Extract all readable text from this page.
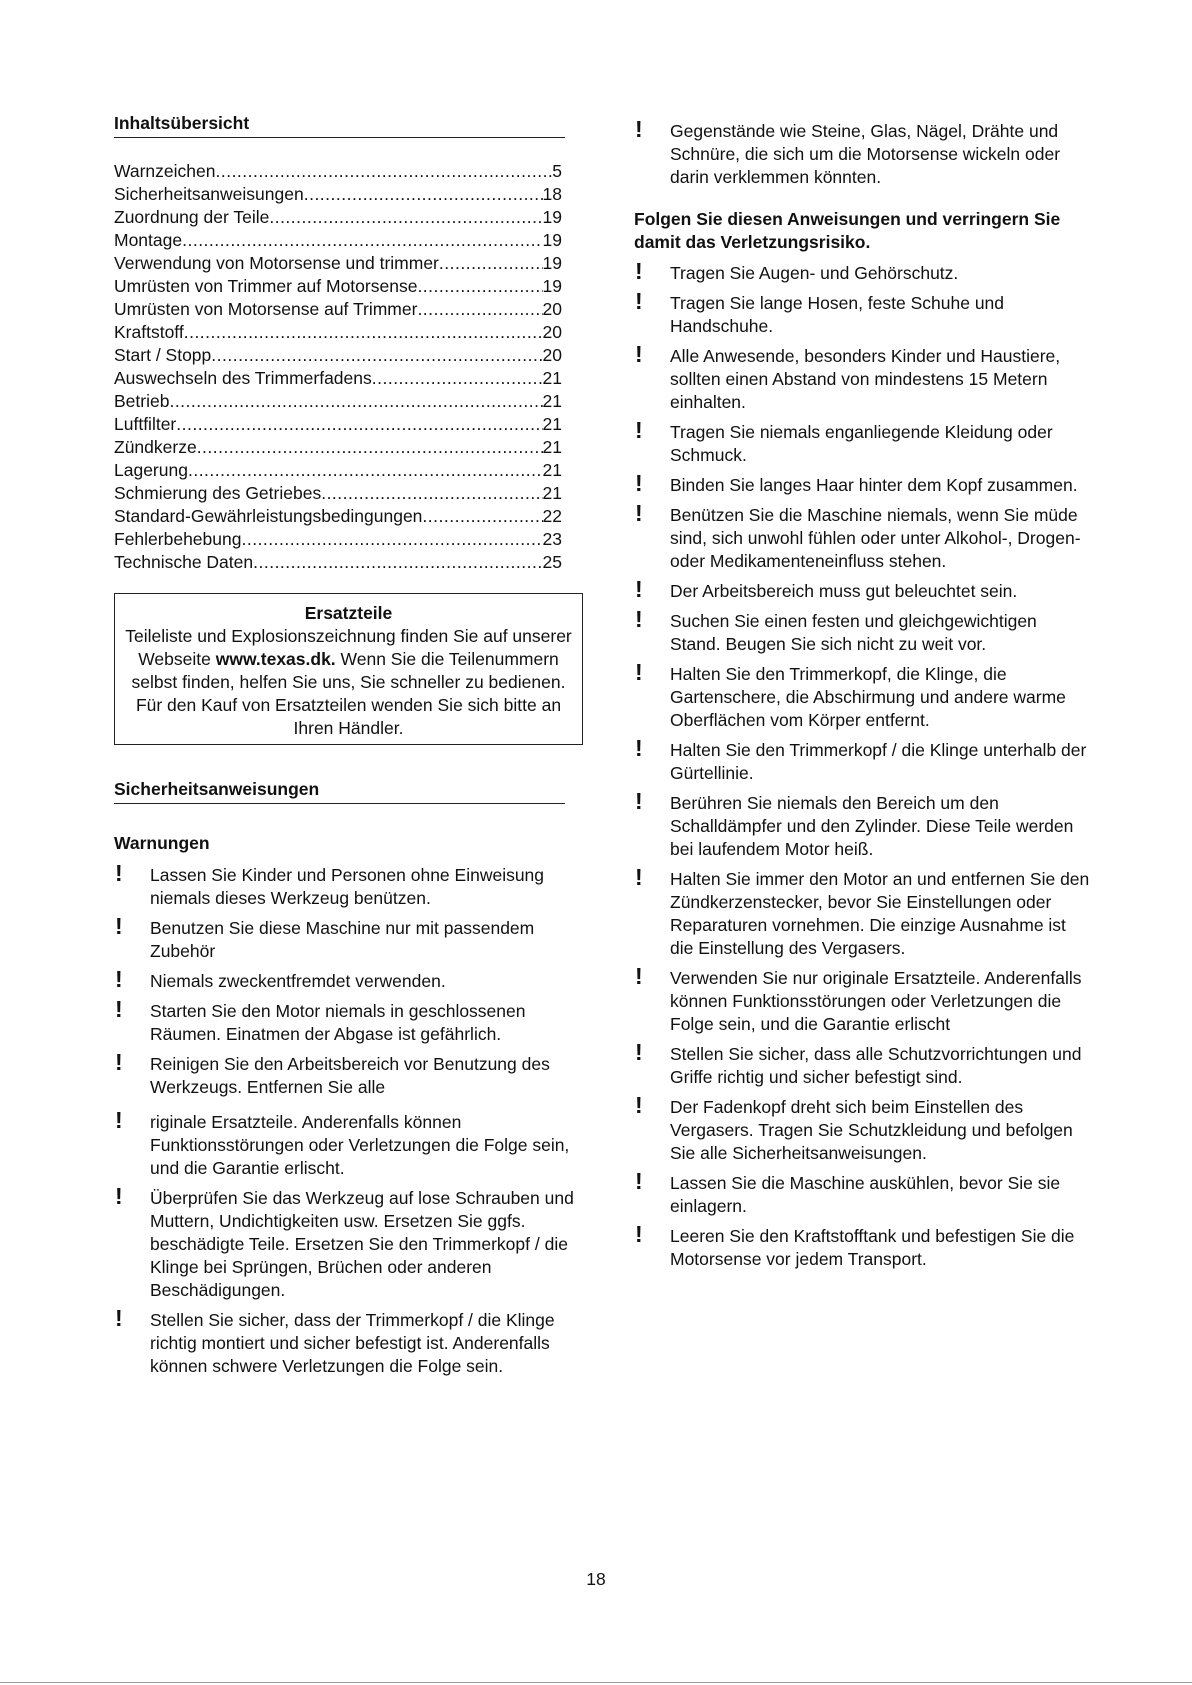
Inhaltsübersicht
Warnzeichen .....	5
Sicherheitsanweisungen .....	18
Zuordnung der Teile .....	19
Montage .....	19
Verwendung von Motorsense und trimmer .....	19
Umrüsten von Trimmer auf Motorsense .....	19
Umrüsten von Motorsense auf Trimmer .....	20
Kraftstoff .....	20
Start / Stopp .....	20
Auswechseln des Trimmerfadens .....	21
Betrieb .....	21
Luftfilter .....	21
Zündkerze .....	21
Lagerung .....	21
Schmierung des Getriebes .....	21
Standard-Gewährleistungsbedingungen .....	22
Fehlerbehebung .....	23
Technische Daten .....	25
Ersatzteile
Teileliste und Explosionszeichnung finden Sie auf unserer Webseite www.texas.dk. Wenn Sie die Teilenummern selbst finden, helfen Sie uns, Sie schneller zu bedienen. Für den Kauf von Ersatzteilen wenden Sie sich bitte an Ihren Händler.
Sicherheitsanweisungen
Warnungen
! Lassen Sie Kinder und Personen ohne Einweisung niemals dieses Werkzeug benützen.
! Benutzen Sie diese Maschine nur mit passendem Zubehör
! Niemals zweckentfremdet verwenden.
! Starten Sie den Motor niemals in geschlossenen Räumen. Einatmen der Abgase ist gefährlich.
! Reinigen Sie den Arbeitsbereich vor Benutzung des Werkzeugs. Entfernen Sie alle
! riginale Ersatzteile. Anderenfalls können Funktionsstörungen oder Verletzungen die Folge sein, und die Garantie erlischt.
! Überprüfen Sie das Werkzeug auf lose Schrauben und Muttern, Undichtigkeiten usw. Ersetzen Sie ggfs. beschädigte Teile. Ersetzen Sie den Trimmerkopf / die Klinge bei Sprüngen, Brüchen oder anderen Beschädigungen.
! Stellen Sie sicher, dass der Trimmerkopf / die Klinge richtig montiert und sicher befestigt ist. Anderenfalls können schwere Verletzungen die Folge sein.
! Gegenstände wie Steine, Glas, Nägel, Drähte und Schnüre, die sich um die Motorsense wickeln oder darin verklemmen könnten.
Folgen Sie diesen Anweisungen und verringern Sie damit das Verletzungsrisiko.
! Tragen Sie Augen- und Gehörschutz.
! Tragen Sie lange Hosen, feste Schuhe und Handschuhe.
! Alle Anwesende, besonders Kinder und Haustiere, sollten einen Abstand von mindestens 15 Metern einhalten.
! Tragen Sie niemals enganliegende Kleidung oder Schmuck.
! Binden Sie langes Haar hinter dem Kopf zusammen.
! Benützen Sie die Maschine niemals, wenn Sie müde sind, sich unwohl fühlen oder unter Alkohol-, Drogen- oder Medikamenteneinfluss stehen.
! Der Arbeitsbereich muss gut beleuchtet sein.
! Suchen Sie einen festen und gleichgewichtigen Stand. Beugen Sie sich nicht zu weit vor.
! Halten Sie den Trimmerkopf, die Klinge, die Gartenschere, die Abschirmung und andere warme Oberflächen vom Körper entfernt.
! Halten Sie den Trimmerkopf / die Klinge unterhalb der Gürtellinie.
! Berühren Sie niemals den Bereich um den Schalldämpfer und den Zylinder. Diese Teile werden bei laufendem Motor heiß.
! Halten Sie immer den Motor an und entfernen Sie den Zündkerzenstecker, bevor Sie Einstellungen oder Reparaturen vornehmen. Die einzige Ausnahme ist die Einstellung des Vergasers.
! Verwenden Sie nur originale Ersatzteile. Anderenfalls können Funktionsstörungen oder Verletzungen die Folge sein, und die Garantie erlischt
! Stellen Sie sicher, dass alle Schutzvorrichtungen und Griffe richtig und sicher befestigt sind.
! Der Fadenkopf dreht sich beim Einstellen des Vergasers. Tragen Sie Schutzkleidung und befolgen Sie alle Sicherheitsanweisungen.
! Lassen Sie die Maschine auskühlen, bevor Sie sie einlagern.
! Leeren Sie den Kraftstofftank und befestigen Sie die Motorsense vor jedem Transport.
18
